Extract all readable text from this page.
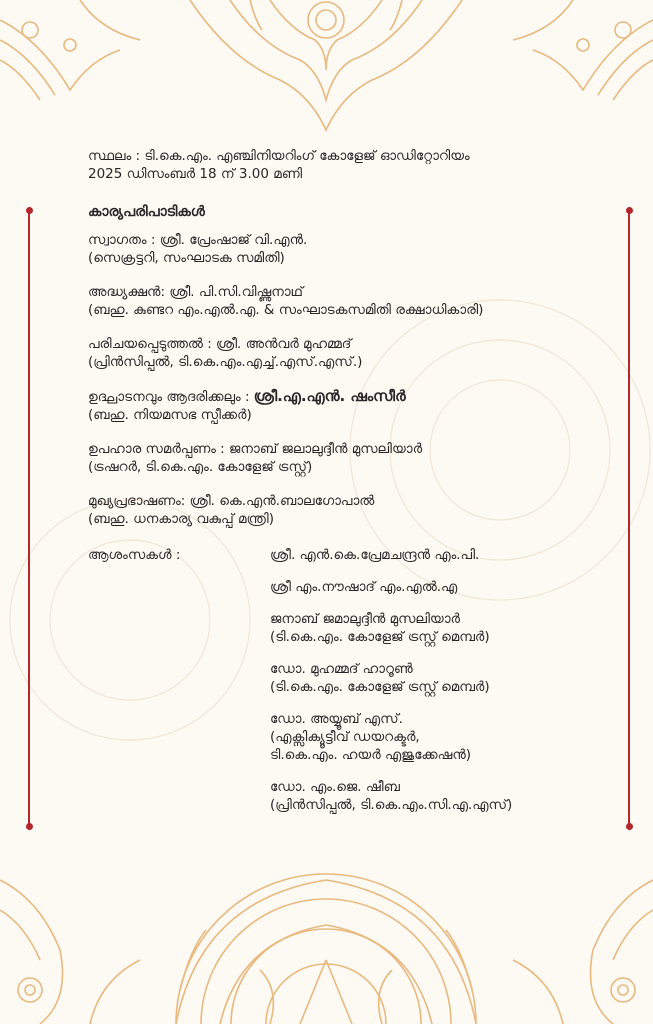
സ്ഥലം : ടി.കെ.എം. എഞ്ചിനിയറിംഗ് കോളേജ് ഓഡിറ്റോറിയം
2025 ഡിസംബർ 18 ന് 3.00 മണി
കാര്യപരിപാടികൾ
സ്വാഗതം : ശ്രീ. പ്രേംഷാജ് വി.എൻ.
(സെക്രട്ടറി, സംഘാടക സമിതി)
അദ്ധ്യക്ഷൻ: ശ്രീ. പി.സി.വിഷ്ണുനാഥ്
(ബഹു. കുണ്ടറ എം.എൽ.എ. & സംഘാടകസമിതി രക്ഷാധികാരി)
പരിചയപ്പെടുത്തൽ : ശ്രീ. അൻവർ മുഹമ്മദ്
(പ്രിൻസിപ്പൽ, ടി.കെ.എം.എച്ച്.എസ്.എസ്.)
ഉദ്ഘാടനവും ആദരിക്കലും : ശ്രീ.എ.എൻ. ഷംസീർ
(ബഹു. നിയമസഭ സ്പീക്കർ)
ഉപഹാര സമർപ്പണം : ജനാബ് ജലാലുദ്ദീൻ മുസലിയാർ
(ട്രഷറർ, ടി.കെ.എം. കോളേജ് ട്രസ്റ്റ്)
മുഖ്യപ്രഭാഷണം: ശ്രീ. കെ.എൻ.ബാലഗോപാൽ
(ബഹു. ധനകാര്യ വകുപ്പ് മന്ത്രി)
ആശംസകൾ :	ശ്രീ. എൻ.കെ.പ്രേമചന്ദ്രൻ എം.പി.
ശ്രീ എം.നൗഷാദ് എം.എൽ.എ
ജനാബ് ജമാലുദ്ദീൻ മുസലിയാർ
(ടി.കെ.എം. കോളേജ് ട്രസ്റ്റ് മെമ്പർ)
ഡോ. മുഹമ്മദ് ഹാറൂൺ
(ടി.കെ.എം. കോളേജ് ട്രസ്റ്റ് മെമ്പർ)
ഡോ. അയ്യൂബ് എസ്.
(എക്സിക്യൂട്ടീവ് ഡയറക്ടർ,
ടി.കെ.എം. ഹയർ എജുക്കേഷൻ)
ഡോ. എം.ജെ. ഷീബ
(പ്രിൻസിപ്പൽ, ടി.കെ.എം.സി.എ.എസ്)
